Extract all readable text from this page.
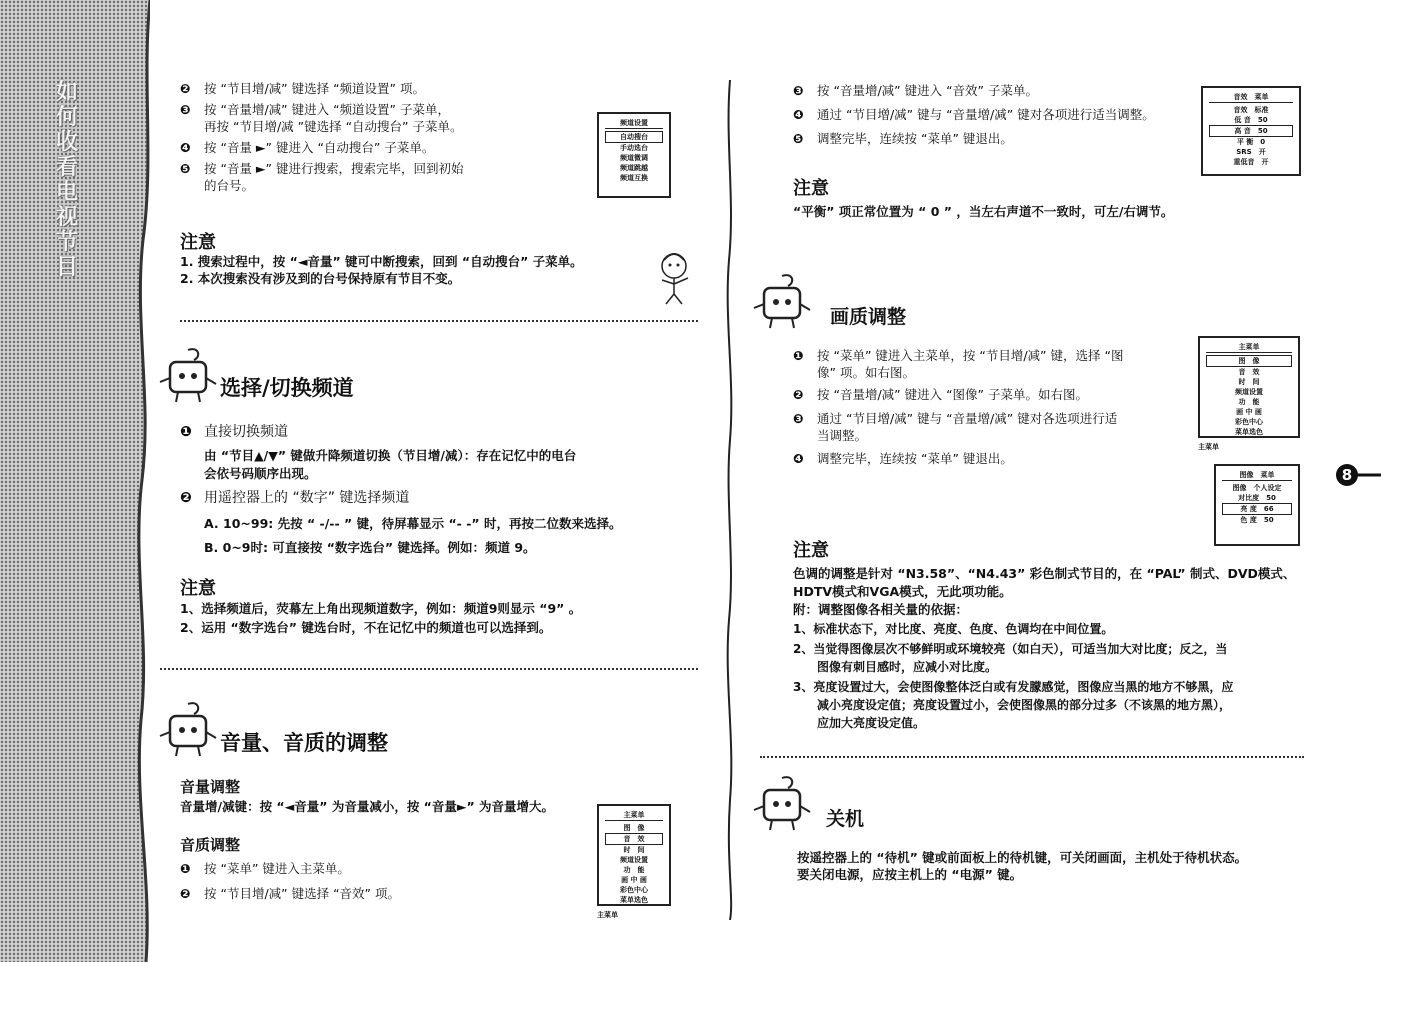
如
何
收
看
电
视
节
目
❷ 按 “节目增/减” 键选择 “频道设置” 项。
❸ 按 “音量增/减” 键进入 “频道设置” 子菜单，
再按 “节目增/减 ”键选择 “自动搜台” 子菜单。
❹ 按 “音量 ►” 键进入 “自动搜台” 子菜单。
❺ 按 “音量 ►” 键进行搜索，搜索完毕，回到初始
的台号。
频道设置
自动搜台
手动选台
频道微调
频道跳越
频道互换
注意
1. 搜索过程中，按 “◄音量” 键可中断搜索，回到 “自动搜台” 子菜单。
2. 本次搜索没有涉及到的台号保持原有节目不变。
选择/切换频道
❶ 直接切换频道
由 “节目▲/▼” 键做升降频道切换（节目增/减）：存在记忆中的电台
会依号码顺序出现。
❷ 用遥控器上的 “数字” 键选择频道
A. 10~99: 先按 “ -/-- ” 键，待屏幕显示 “- -” 时，再按二位数来选择。
B. 0~9时: 可直接按 “数字选台” 键选择。例如：频道 9。
注意
1、选择频道后，荧幕左上角出现频道数字，例如：频道9则显示 “9” 。
2、运用 “数字选台” 键选台时，不在记忆中的频道也可以选择到。
音量、音质的调整
音量调整
音量增/减键：按 “◄音量” 为音量减小，按 “音量►” 为音量增大。
音质调整
❶ 按 “菜单” 键进入主菜单。
❷ 按 “节目增/减” 键选择 “音效” 项。
主菜单
图　像
音　效
时　间
频道设置
功　能
画 中 画
彩色中心
菜单选色
主菜单
❸ 按 “音量增/减” 键进入 “音效” 子菜单。
❹ 通过 “节目增/减” 键与 “音量增/减” 键对各项进行适当调整。
❺ 调整完毕，连续按 “菜单” 键退出。
音效　菜单
音效　标准
低 音　50
高 音　50
平 衡　0
SRS　开
重低音　开
注意
“平衡” 项正常位置为 “ 0 ” ，当左右声道不一致时，可左/右调节。
画质调整
❶ 按 “菜单” 键进入主菜单，按 “节目增/减” 键，选择 “图
像” 项。如右图。
❷ 按 “音量增/减” 键进入 “图像” 子菜单。如右图。
❸ 通过 “节目增/减” 键与 “音量增/减” 键对各选项进行适
当调整。
❹ 调整完毕，连续按 “菜单” 键退出。
主菜单
图　像
音　效
时　间
频道设置
功　能
画 中 画
彩色中心
菜单选色
主菜单
图像　菜单
图像　个人设定
对比度　50
亮 度　66
色 度　50
8
注意
色调的调整是针对 “N3.58”、“N4.43” 彩色制式节目的，在 “PAL” 制式、DVD模式、
HDTV模式和VGA模式，无此项功能。
附：调整图像各相关量的依据：
1、标准状态下，对比度、亮度、色度、色调均在中间位置。
2、当觉得图像层次不够鲜明或环境较亮（如白天），可适当加大对比度；反之，当
　　图像有刺目感时，应减小对比度。
3、亮度设置过大，会使图像整体泛白或有发朦感觉，图像应当黑的地方不够黑，应
　　减小亮度设定值；亮度设置过小，会使图像黑的部分过多（不该黑的地方黑），
　　应加大亮度设定值。
关机
按遥控器上的 “待机” 键或前面板上的待机键，可关闭画面，主机处于待机状态。
要关闭电源，应按主机上的 “电源” 键。
